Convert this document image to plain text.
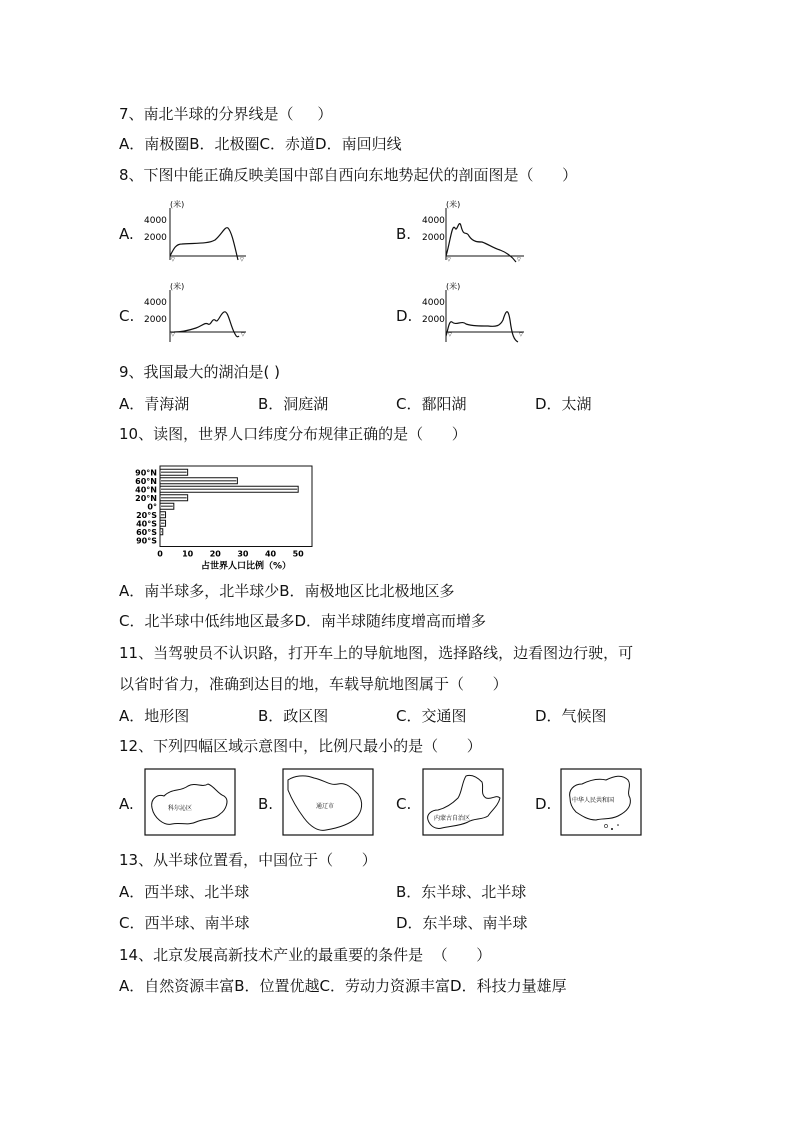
7、南北半球的分界线是（     ）
A．南极圈B．北极圈C．赤道D．南回归线
8、下图中能正确反映美国中部自西向东地势起伏的剖面图是（      ）
A.
(米)
4000
2000
▽	▽
B.
(米)
4000
2000
▽	▽
C.
(米)
4000
2000
▽	▽
D.
(米)
4000
2000
▽	▽
9、我国最大的湖泊是( )
A．青海湖	B．洞庭湖	C．鄱阳湖	D．太湖
10、读图，世界人口纬度分布规律正确的是（      ）
90°N
60°N
40°N
20°N
0°
20°S
40°S
60°S
90°S
0 10 20 30 40 50
占世界人口比例（%）
A．南半球多，北半球少B．南极地区比北极地区多
C．北半球中低纬地区最多D．南半球随纬度增高而增多
11、当驾驶员不认识路，打开车上的导航地图，选择路线，边看图边行驶，可
以省时省力，准确到达目的地，车载导航地图属于（      ）
A．地形图	B．政区图	C．交通图	D．气候图
12、下列四幅区域示意图中，比例尺最小的是（      ）
A.	科尔沁区	B.	通辽市	C.
内蒙古自治区
D.	中华人民共和国
13、从半球位置看，中国位于（      ）
A．西半球、北半球	B．东半球、北半球
C．西半球、南半球	D．东半球、南半球
14、北京发展高新技术产业的最重要的条件是  （      ）
A．自然资源丰富B．位置优越C．劳动力资源丰富D．科技力量雄厚
